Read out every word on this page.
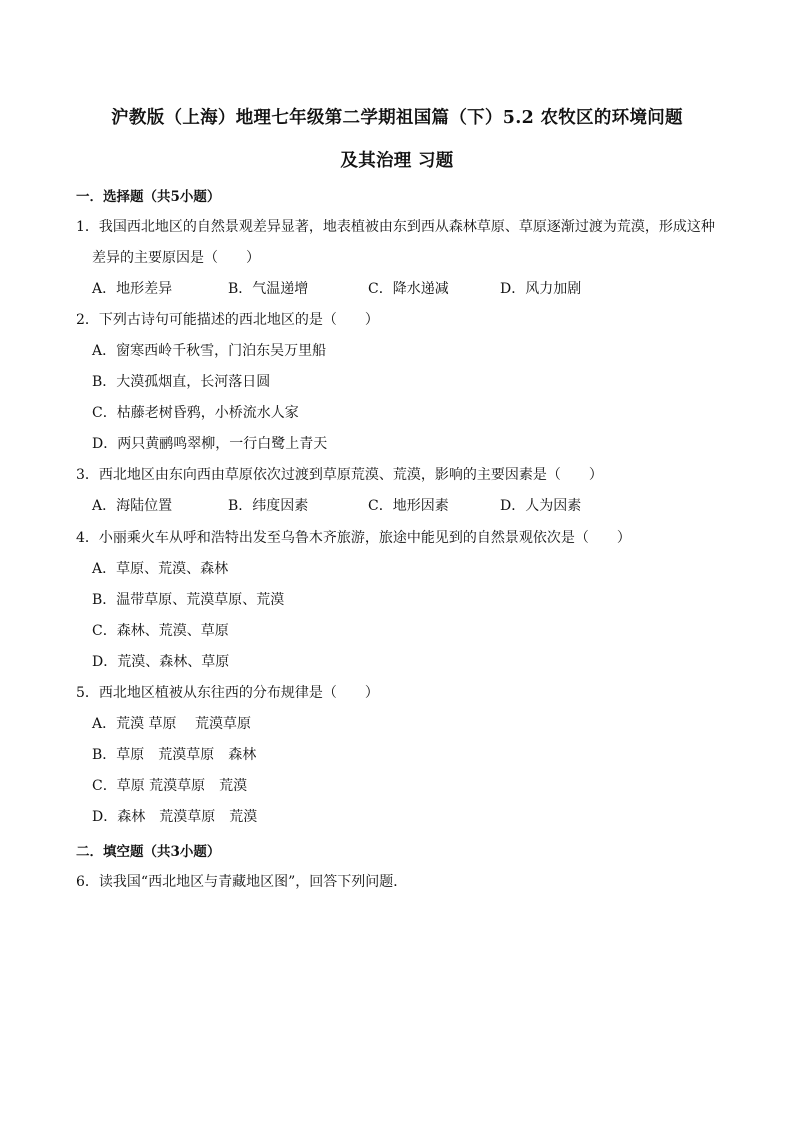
沪教版（上海）地理七年级第二学期祖国篇（下）5.2 农牧区的环境问题
及其治理 习题
一．选择题（共5小题）
1．我国西北地区的自然景观差异显著，地表植被由东到西从森林草原、草原逐渐过渡为荒漠，形成这种
差异的主要原因是（　　）
A．地形差异	B．气温递增	C．降水递减	D．风力加剧
2．下列古诗句可能描述的西北地区的是（　　）
A．窗寒西岭千秋雪，门泊东吴万里船
B．大漠孤烟直，长河落日圆
C．枯藤老树昏鸦，小桥流水人家
D．两只黄鹂鸣翠柳，一行白鹭上青天
3．西北地区由东向西由草原依次过渡到草原荒漠、荒漠，影响的主要因素是（　　）
A．海陆位置	B．纬度因素	C．地形因素	D．人为因素
4．小丽乘火车从呼和浩特出发至乌鲁木齐旅游，旅途中能见到的自然景观依次是（　　）
A．草原、荒漠、森林
B．温带草原、荒漠草原、荒漠
C．森林、荒漠、草原
D．荒漠、森林、草原
5．西北地区植被从东往西的分布规律是（　　）
A．荒漠 草原　 荒漠草原
B．草原　荒漠草原　森林
C．草原 荒漠草原　荒漠
D．森林　荒漠草原　荒漠
二．填空题（共3小题）
6．读我国“西北地区与青藏地区图”，回答下列问题．
